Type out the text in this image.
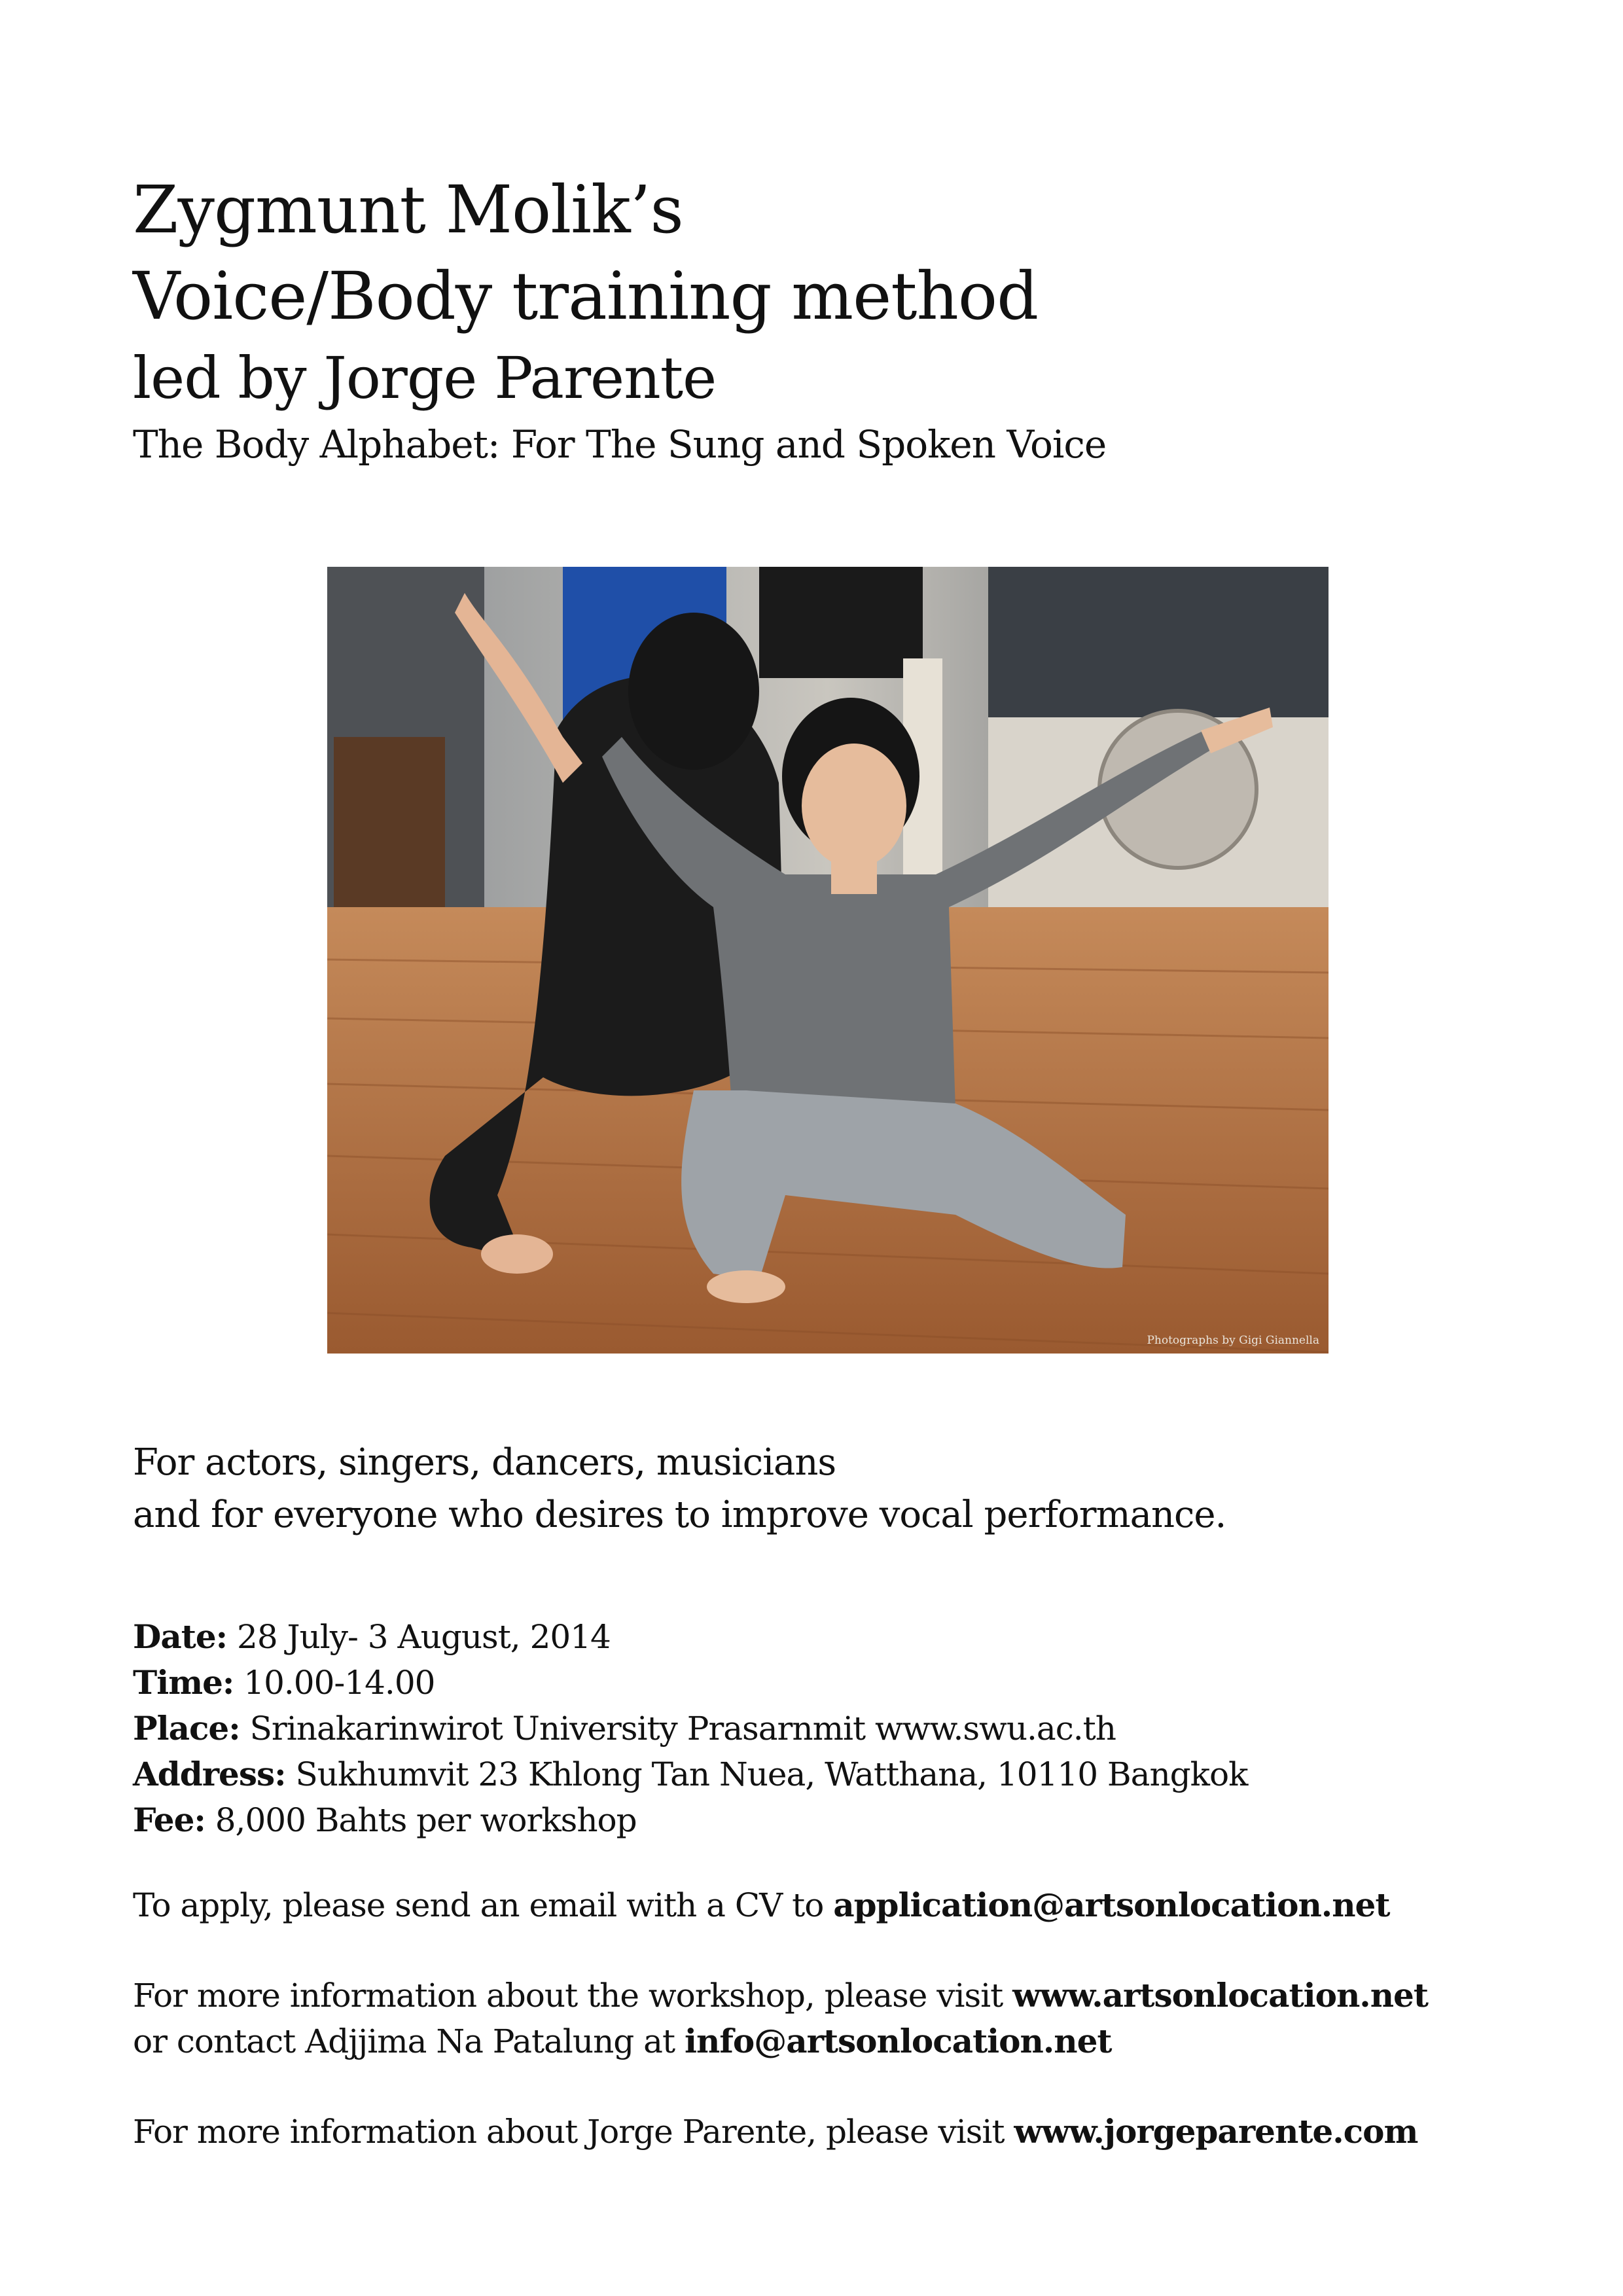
Zygmunt Molik’s
Voice/Body training method
led by Jorge Parente
The Body Alphabet: For The Sung and Spoken Voice
Photographs by Gigi Giannella
For actors, singers, dancers, musicians
and for everyone who desires to improve vocal performance.
Date: 28 July- 3 August, 2014
Time: 10.00-14.00
Place: Srinakarinwirot University Prasarnmit www.swu.ac.th
Address: Sukhumvit 23 Khlong Tan Nuea, Watthana, 10110 Bangkok
Fee: 8,000 Bahts per workshop
To apply, please send an email with a CV to application@artsonlocation.net
For more information about the workshop, please visit www.artsonlocation.net
or contact Adjjima Na Patalung at info@artsonlocation.net
For more information about Jorge Parente, please visit www.jorgeparente.com
